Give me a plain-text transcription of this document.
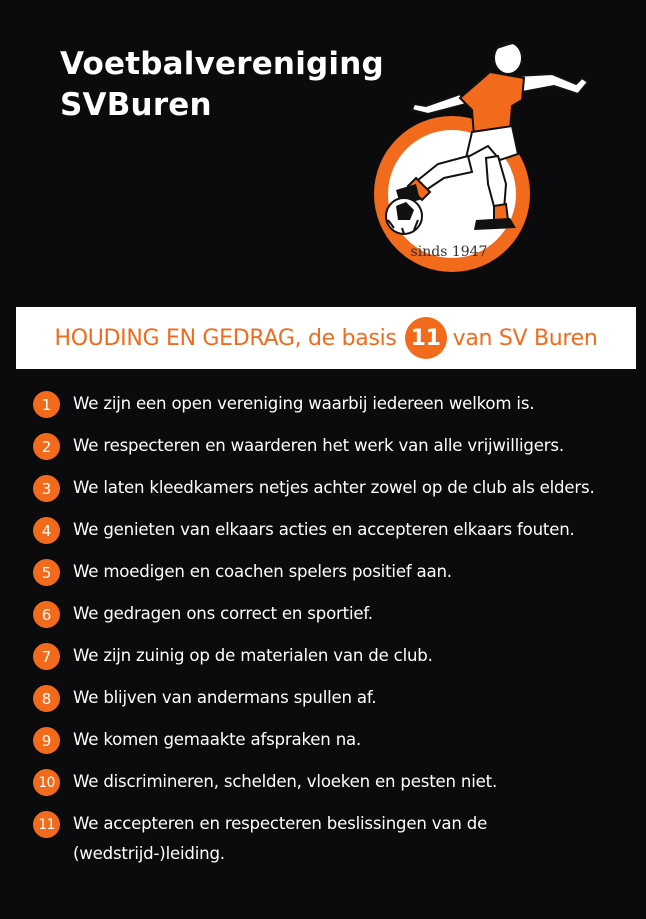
Voetbalvereniging
SVBuren
sinds 1947
HOUDING EN GEDRAG, de basis 11 van SV Buren
1	We zijn een open vereniging waarbij iedereen welkom is.
2	We respecteren en waarderen het werk van alle vrijwilligers.
3	We laten kleedkamers netjes achter zowel op de club als elders.
4	We genieten van elkaars acties en accepteren elkaars fouten.
5	We moedigen en coachen spelers positief aan.
6	We gedragen ons correct en sportief.
7	We zijn zuinig op de materialen van de club.
8	We blijven van andermans spullen af.
9	We komen gemaakte afspraken na.
10	We discrimineren, schelden, vloeken en pesten niet.
11	We accepteren en respecteren beslissingen van de (wedstrijd-)leiding.
